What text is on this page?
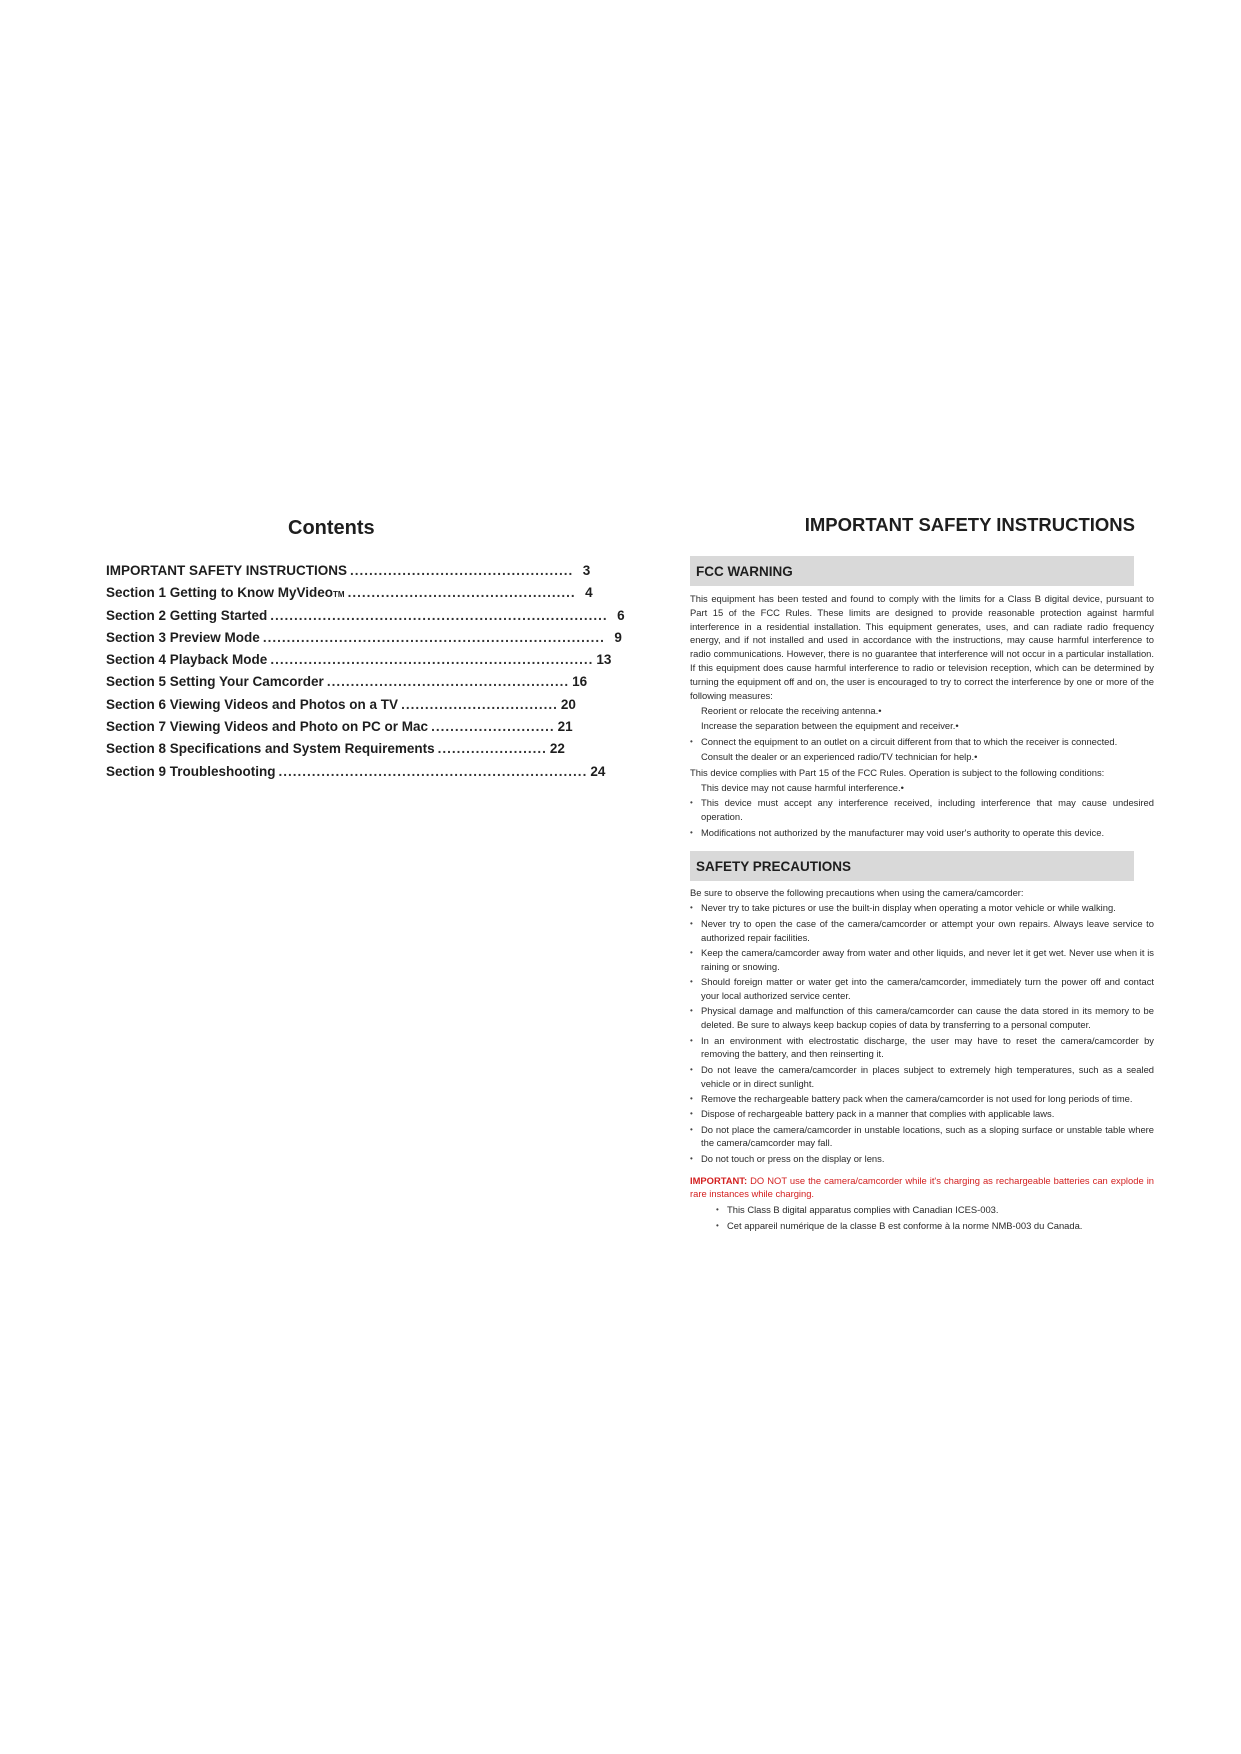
Contents
IMPORTANT SAFETY INSTRUCTIONS ............................................... 3
Section 1 Getting to Know MyVideoTM ................................................ 4
Section 2 Getting Started ....................................................................... 6
Section 3 Preview Mode ........................................................................ 9
Section 4 Playback Mode .................................................................... 13
Section 5 Setting Your Camcorder ................................................... 16
Section 6 Viewing Videos and Photos on a TV ................................. 20
Section 7 Viewing Videos and Photo on PC or Mac .......................... 21
Section 8 Specifications and System Requirements ....................... 22
Section 9 Troubleshooting ................................................................. 24
IMPORTANT SAFETY INSTRUCTIONS
FCC WARNING

This equipment has been tested and found to comply with the limits for a Class B digital device, pursuant to Part 15 of the FCC Rules. These limits are designed to provide reasonable protection against harmful interference in a residential installation. This equipment generates, uses, and can radiate radio frequency energy, and if not installed and used in accordance with the instructions, may cause harmful interference to radio communications. However, there is no guarantee that interference will not occur in a particular installation. If this equipment does cause harmful interference to radio or television reception, which can be determined by turning the equipment off and on, the user is encouraged to try to correct the interference by one or more of the following measures:

Reorient or relocate the receiving antenna.•
Increase the separation between the equipment and receiver.•
• Connect the equipment to an outlet on a circuit different from that to which the receiver is connected.
Consult the dealer or an experienced radio/TV technician for help.•

This device complies with Part 15 of the FCC Rules. Operation is subject to the following conditions:

This device may not cause harmful interference.•
• This device must accept any interference received, including interference that may cause undesired operation.
• Modifications not authorized by the manufacturer may void user's authority to operate this device.
SAFETY PRECAUTIONS

Be sure to observe the following precautions when using the camera/camcorder:

• Never try to take pictures or use the built-in display when operating a motor vehicle or while walking.
• Never try to open the case of the camera/camcorder or attempt your own repairs. Always leave service to authorized repair facilities.
• Keep the camera/camcorder away from water and other liquids, and never let it get wet. Never use when it is raining or snowing.
• Should foreign matter or water get into the camera/camcorder, immediately turn the power off and contact your local authorized service center.
• Physical damage and malfunction of this camera/camcorder can cause the data stored in its memory to be deleted. Be sure to always keep backup copies of data by transferring to a personal computer.
• In an environment with electrostatic discharge, the user may have to reset the camera/camcorder by removing the battery, and then reinserting it.
• Do not leave the camera/camcorder in places subject to extremely high temperatures, such as a sealed vehicle or in direct sunlight.
• Remove the rechargeable battery pack when the camera/camcorder is not used for long periods of time.
• Dispose of rechargeable battery pack in a manner that complies with applicable laws.
• Do not place the camera/camcorder in unstable locations, such as a sloping surface or unstable table where the camera/camcorder may fall.
• Do not touch or press on the display or lens.
IMPORTANT: DO NOT use the camera/camcorder while it's charging as rechargeable batteries can explode in rare instances while charging.
• This Class B digital apparatus complies with Canadian ICES-003.
• Cet appareil numérique de la classe B est conforme à la norme NMB-003 du Canada.
